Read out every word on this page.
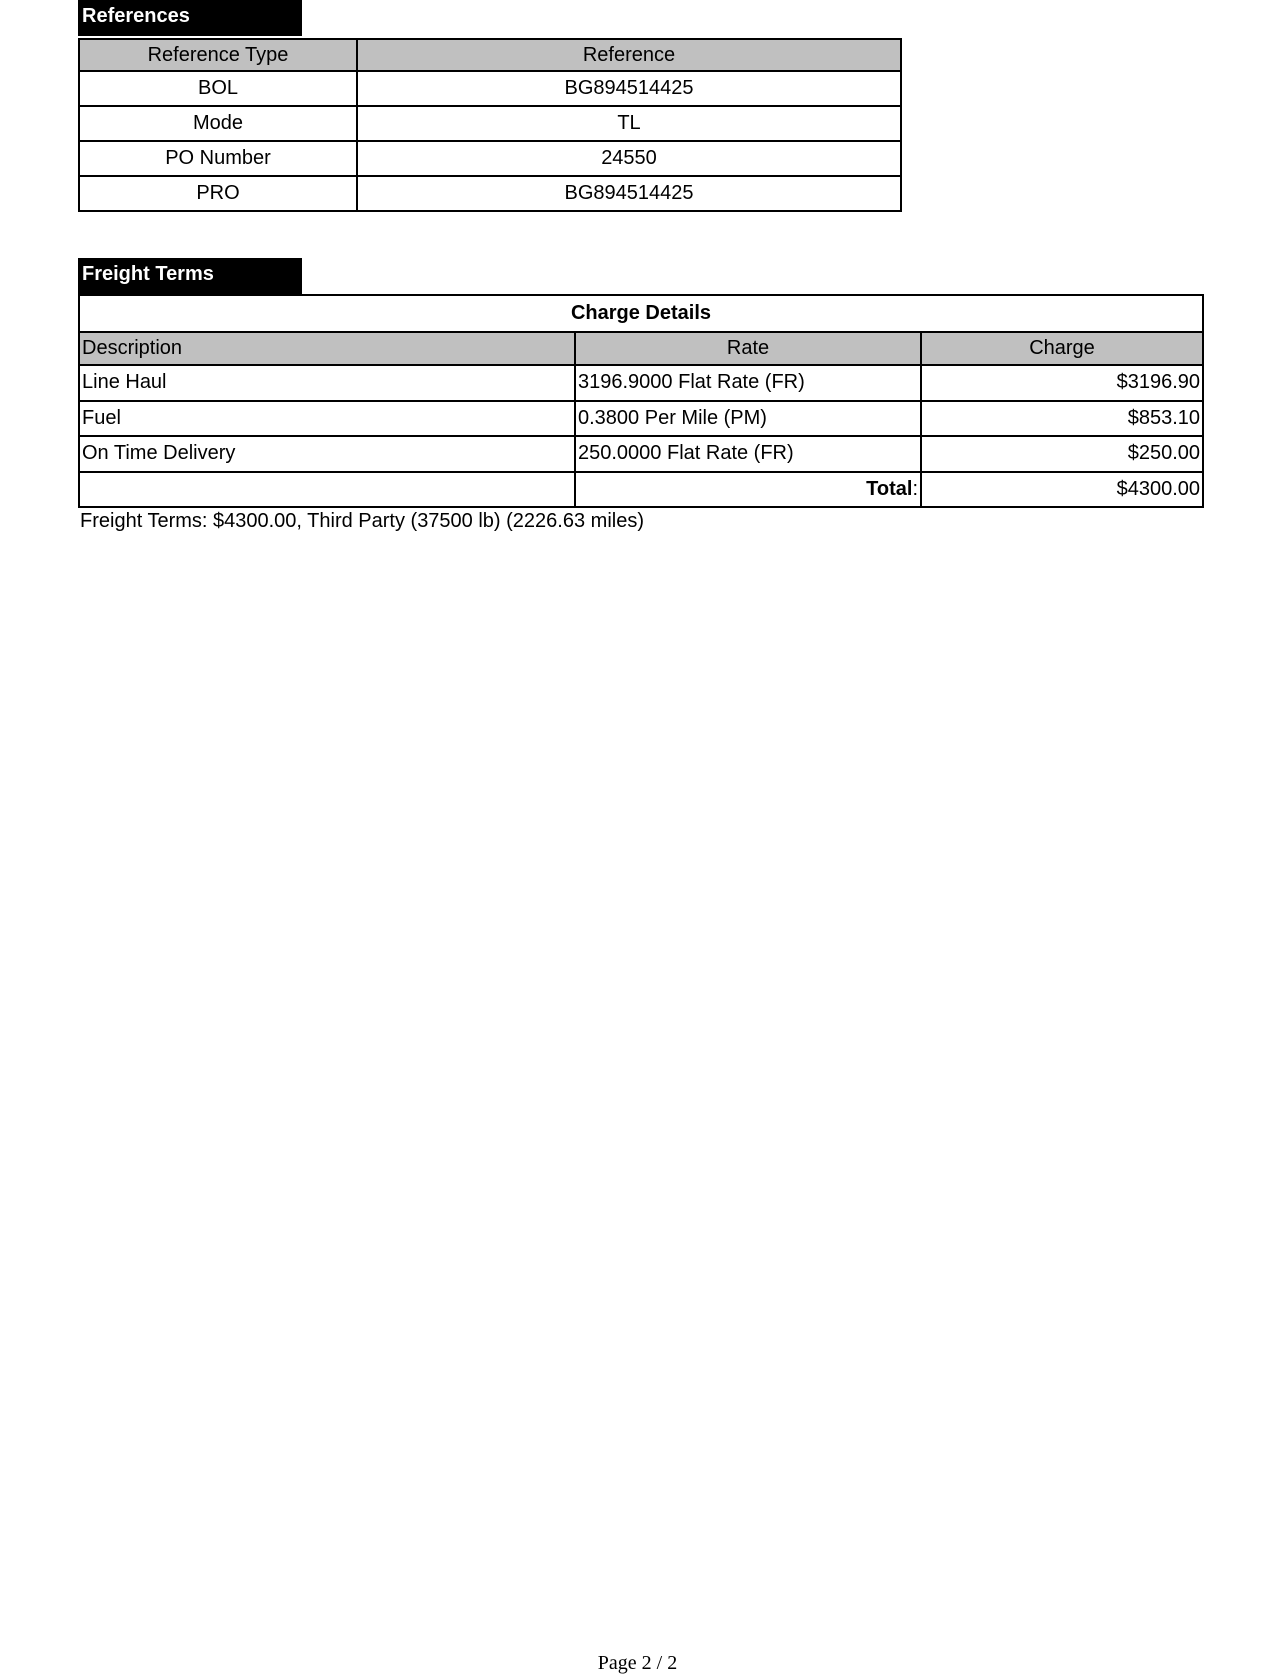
References
Reference Type	Reference
BOL	BG894514425
Mode	TL
PO Number	24550
PRO	BG894514425
Freight Terms
Charge Details		
Description	Rate	Charge
Line Haul	3196.9000 Flat Rate (FR)	$3196.90
Fuel	0.3800 Per Mile (PM)	$853.10
On Time Delivery	250.0000 Flat Rate (FR)	$250.00
	Total:	$4300.00
Freight Terms: $4300.00, Third Party (37500 lb) (2226.63 miles)
Page 2 / 2
